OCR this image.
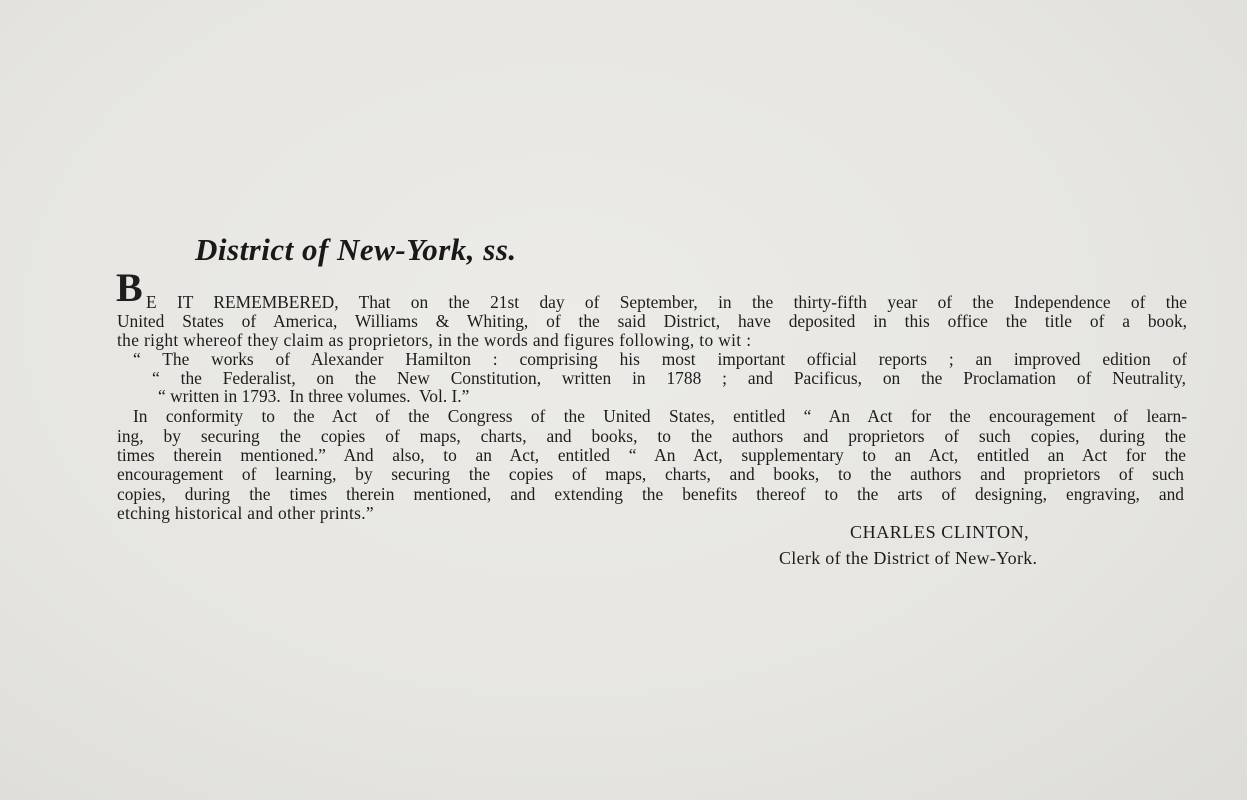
District of New-York, ss.
B E IT REMEMBERED, That on the 21st day of September, in the thirty-fifth year of the Independence of the
United States of America, Williams & Whiting, of the said District, have deposited in this office the title of a book,
the right whereof they claim as proprietors, in the words and figures following, to wit :
“ The works of Alexander Hamilton : comprising his most important official reports ; an improved edition of
“ the Federalist, on the New Constitution, written in 1788 ; and Pacificus, on the Proclamation of Neutrality,
“ written in 1793.  In three volumes.  Vol. I.”
In conformity to the Act of the Congress of the United States, entitled “ An Act for the encouragement of learn-
ing, by securing the copies of maps, charts, and books, to the authors and proprietors of such copies, during the
times therein mentioned.” And also, to an Act, entitled “ An Act, supplementary to an Act, entitled an Act for the
encouragement of learning, by securing the copies of maps, charts, and books, to the authors and proprietors of such
copies, during the times therein mentioned, and extending the benefits thereof to the arts of designing, engraving, and
etching historical and other prints.”
CHARLES CLINTON,
Clerk of the District of New-York.
